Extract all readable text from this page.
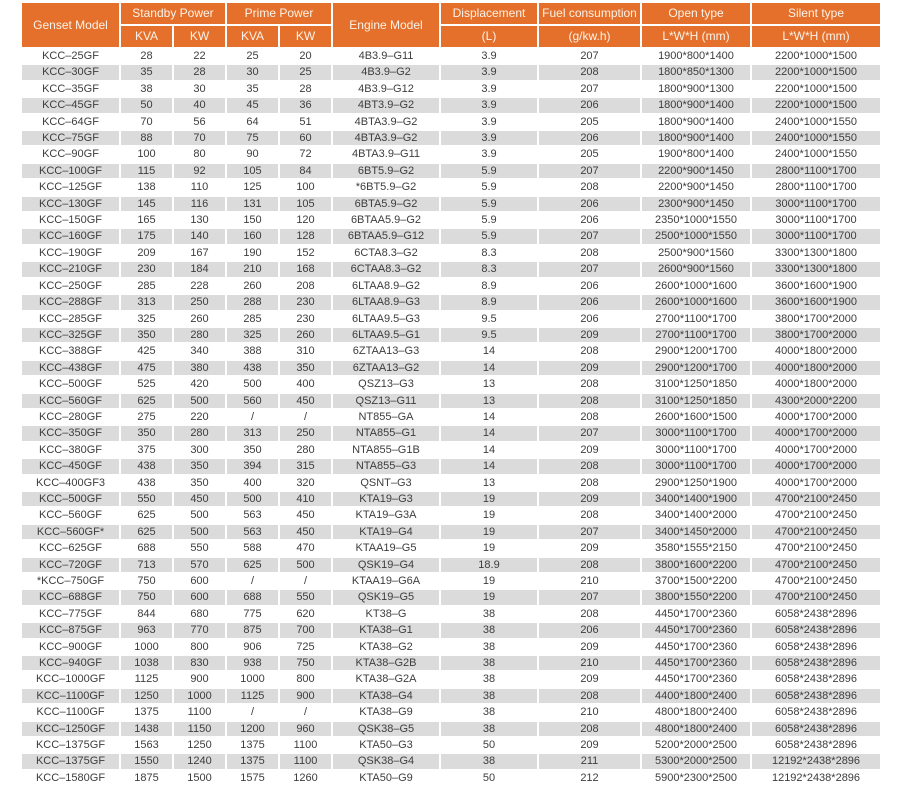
Genset Model	Standby Power		Prime Power		Engine Model	Displacement	Fuel consumption	Open type	Silent type
	KVA	KW	KVA	KW		(L)	(g/kw.h)	L*W*H (mm)	L*W*H (mm)
KCC–25GF	28	22	25	20	4B3.9–G11	3.9	207	1900*800*1400	2200*1000*1500
KCC–30GF	35	28	30	25	4B3.9–G2	3.9	208	1800*850*1300	2200*1000*1500
KCC–35GF	38	30	35	28	4B3.9–G12	3.9	207	1800*900*1300	2200*1000*1500
KCC–45GF	50	40	45	36	4BT3.9–G2	3.9	206	1800*900*1400	2200*1000*1500
KCC–64GF	70	56	64	51	4BTA3.9–G2	3.9	205	1800*900*1400	2400*1000*1550
KCC–75GF	88	70	75	60	4BTA3.9–G2	3.9	206	1800*900*1400	2400*1000*1550
KCC–90GF	100	80	90	72	4BTA3.9–G11	3.9	205	1900*800*1400	2400*1000*1550
KCC–100GF	115	92	105	84	6BT5.9–G2	5.9	207	2200*900*1450	2800*1100*1700
KCC–125GF	138	110	125	100	*6BT5.9–G2	5.9	208	2200*900*1450	2800*1100*1700
KCC–130GF	145	116	131	105	6BTA5.9–G2	5.9	206	2300*900*1450	3000*1100*1700
KCC–150GF	165	130	150	120	6BTAA5.9–G2	5.9	206	2350*1000*1550	3000*1100*1700
KCC–160GF	175	140	160	128	6BTAA5.9–G12	5.9	207	2500*1000*1550	3000*1100*1700
KCC–190GF	209	167	190	152	6CTA8.3–G2	8.3	208	2500*900*1560	3300*1300*1800
KCC–210GF	230	184	210	168	6CTAA8.3–G2	8.3	207	2600*900*1560	3300*1300*1800
KCC–250GF	285	228	260	208	6LTAA8.9–G2	8.9	206	2600*1000*1600	3600*1600*1900
KCC–288GF	313	250	288	230	6LTAA8.9–G3	8.9	206	2600*1000*1600	3600*1600*1900
KCC–285GF	325	260	285	230	6LTAA9.5–G3	9.5	206	2700*1100*1700	3800*1700*2000
KCC–325GF	350	280	325	260	6LTAA9.5–G1	9.5	209	2700*1100*1700	3800*1700*2000
KCC–388GF	425	340	388	310	6ZTAA13–G3	14	208	2900*1200*1700	4000*1800*2000
KCC–438GF	475	380	438	350	6ZTAA13–G2	14	209	2900*1200*1700	4000*1800*2000
KCC–500GF	525	420	500	400	QSZ13–G3	13	208	3100*1250*1850	4000*1800*2000
KCC–560GF	625	500	560	450	QSZ13–G11	13	208	3100*1250*1850	4300*2000*2200
KCC–280GF	275	220	/	/	NT855–GA	14	208	2600*1600*1500	4000*1700*2000
KCC–350GF	350	280	313	250	NTA855–G1	14	207	3000*1100*1700	4000*1700*2000
KCC–380GF	375	300	350	280	NTA855–G1B	14	209	3000*1100*1700	4000*1700*2000
KCC–450GF	438	350	394	315	NTA855–G3	14	208	3000*1100*1700	4000*1700*2000
KCC–400GF3	438	350	400	320	QSNT–G3	13	208	2900*1250*1900	4000*1700*2000
KCC–500GF	550	450	500	410	KTA19–G3	19	209	3400*1400*1900	4700*2100*2450
KCC–560GF	625	500	563	450	KTA19–G3A	19	208	3400*1400*2000	4700*2100*2450
KCC–560GF*	625	500	563	450	KTA19–G4	19	207	3400*1450*2000	4700*2100*2450
KCC–625GF	688	550	588	470	KTAA19–G5	19	209	3580*1555*2150	4700*2100*2450
KCC–720GF	713	570	625	500	QSK19–G4	18.9	208	3800*1600*2200	4700*2100*2450
*KCC–750GF	750	600	/	/	KTAA19–G6A	19	210	3700*1500*2200	4700*2100*2450
KCC–688GF	750	600	688	550	QSK19–G5	19	207	3800*1550*2200	4700*2100*2450
KCC–775GF	844	680	775	620	KT38–G	38	208	4450*1700*2360	6058*2438*2896
KCC–875GF	963	770	875	700	KTA38–G1	38	206	4450*1700*2360	6058*2438*2896
KCC–900GF	1000	800	906	725	KTA38–G2	38	209	4450*1700*2360	6058*2438*2896
KCC–940GF	1038	830	938	750	KTA38–G2B	38	210	4450*1700*2360	6058*2438*2896
KCC–1000GF	1125	900	1000	800	KTA38–G2A	38	209	4450*1700*2360	6058*2438*2896
KCC–1100GF	1250	1000	1125	900	KTA38–G4	38	208	4400*1800*2400	6058*2438*2896
KCC–1100GF	1375	1100	/	/	KTA38–G9	38	210	4800*1800*2400	6058*2438*2896
KCC–1250GF	1438	1150	1200	960	QSK38–G5	38	208	4800*1800*2400	6058*2438*2896
KCC–1375GF	1563	1250	1375	1100	KTA50–G3	50	209	5200*2000*2500	6058*2438*2896
KCC–1375GF	1550	1240	1375	1100	QSK38–G4	38	211	5300*2000*2500	12192*2438*2896
KCC–1580GF	1875	1500	1575	1260	KTA50–G9	50	212	5900*2300*2500	12192*2438*2896
